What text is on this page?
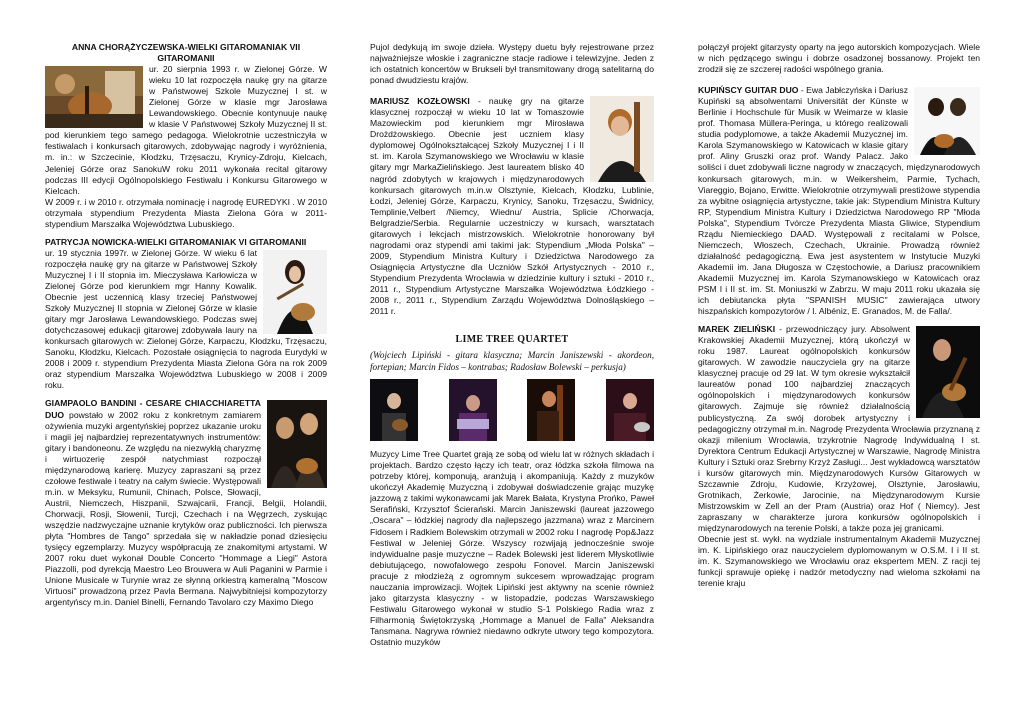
ANNA CHORĄŻYCZEWSKA-WIELKI GITAROMANIAK VII GITAROMANII

ur. 20 sierpnia 1993 r. w Zielonej Górze. W wieku 10 lat rozpoczęła naukę gry na gitarze w Państwowej Szkole Muzycznej I st. w Zielonej Górze w klasie mgr Jarosława Lewandowskiego. Obecnie kontynuuje naukę w klasie V Państwowej Szkoły Muzycznej II st. pod kierunkiem tego samego pedagoga. Wielokrotnie uczestniczyła w festiwalach i konkursach gitarowych, zdobywając nagrody i wyróżnienia, m. in.: w Szczecinie, Kłodzku, Trzęsaczu, Krynicy-Zdroju, Kielcach, Jeleniej Górze oraz SanokuW roku 2011 wykonała recital gitarowy podczas III edycji Ogólnopolskiego Festiwalu i Konkursu Gitarowego w Kielcach.

W 2009 r. i w 2010 r. otrzymała nominację i nagrodę EUREDYKI . W 2010 otrzymała stypendium Prezydenta Miasta Zielona Góra w 2011-stypendium Marszałka Województwa Lubuskiego.

PATRYCJA NOWICKA-WIELKI GITAROMANIAK VI GITAROMANII

ur. 19 stycznia 1997r. w Zielonej Górze. W wieku 6 lat rozpoczęła naukę gry na gitarze w Państwowej Szkoły Muzycznej I i II stopnia im. Mieczysława Karłowicza w Zielonej Górze pod kierunkiem mgr Hanny Kowalik. Obecnie jest uczennicą klasy trzeciej Państwowej Szkoły Muzycznej II stopnia w Zielonej Górze w klasie gitary mgr Jarosława Lewandowskiego. Podczas swej dotychczasowej edukacji gitarowej zdobywała laury na konkursach gitarowych w: Zielonej Górze, Karpaczu, Kłodzku, Trzęsaczu, Sanoku, Kłodzku, Kielcach. Pozostałe osiągnięcia to nagroda Eurydyki w 2008 i 2009 r. stypendium Prezydenta Miasta Zielona Góra na rok 2009 oraz stypendium Marszałka Województwa Lubuskiego w 2008 i 2009 roku.

GIAMPAOLO BANDINI - CESARE CHIACCHIARETTA DUO powstało w 2002 roku z konkretnym zamiarem ożywienia muzyki argentyńskiej poprzez ukazanie uroku i magii jej najbardziej reprezentatywnych instrumentów: gitary i bandoneonu. Ze względu na niezwykłą charyzmę i wirtuozerię zespół natychmiast rozpoczął międzynarodową karierę. Muzycy zapraszani są przez czołowe festiwale i teatry na całym świecie. Występowali m.in. w Meksyku, Rumunii, Chinach, Polsce, Słowacji, Austrii, Niemczech, Hiszpanii, Szwajcarii, Francji, Belgii, Holandii, Chorwacji, Rosji, Słowenii, Turcji, Czechach i na Węgrzech, zyskując wszędzie nadzwyczajne uznanie krytyków oraz publiczności. Ich pierwsza płyta "Hombres de Tango" sprzedała się w nakładzie ponad dziesięciu tysięcy egzemplarzy. Muzycy współpracują ze znakomitymi artystami. W 2007 roku duet wykonał Double Concerto "Hommage a Liegi" Astora Piazzolli, pod dyrekcją Maestro Leo Brouwera w Auli Paganini w Parmie i Unione Musicale w Turynie wraz ze słynną orkiestrą kameralną "Moscow Virtuosi" prowadzoną przez Pavla Bermana. Najwybitniejsi kompozytorzy argentyńscy m.in. Daniel Binelli, Fernando Tavolaro czy Maximo Diego

Pujol dedykują im swoje dzieła. Występy duetu były rejestrowane przez najważniejsze włoskie i zagraniczne stacje radiowe i telewizyjne. Jeden z ich ostatnich koncertów w Brukseli był transmitowany drogą satelitarną do ponad dwudziestu krajów.

MARIUSZ KOZŁOWSKI - naukę gry na gitarze klasycznej rozpoczął w wieku 10 lat w Tomaszowie Mazowieckim pod kierunkiem mgr Mirosława Drożdżowskiego. Obecnie jest uczniem klasy dyplomowej Ogólnokształcącej Szkoły Muzycznej I i II st. im. Karola Szymanowskiego we Wrocławiu w klasie gitary mgr MarkaZielińskiego. Jest laureatem blisko 40 nagród zdobytych w krajowych i międzynarodowych konkursach gitarowych m.in.w Olsztynie, Kielcach, Kłodzku, Lublinie, Łodzi, Jeleniej Górze, Karpaczu, Krynicy, Sanoku, Trzęsaczu, Świdnicy, Templinie,Velbert /Niemcy, Wiednu/ Austria, Splicie /Chorwacja, Belgradzie/Serbia. Regularnie uczestniczy w kursach, warsztatach gitarowych i lekcjach mistrzowskich. Wielokrotnie honorowany był nagrodami oraz stypendi ami takimi jak: Stypendium „Młoda Polska" – 2009, Stypendium Ministra Kultury i Dziedzictwa Narodowego za Osiągnięcia Artystyczne dla Uczniów Szkół Artystycznych - 2010 r., Stypendium Prezydenta Wrocławia w dziedzinie kultury i sztuki - 2010 r., 2011 r., Stypendium Artystyczne Marszałka Województwa Łódzkiego - 2008 r., 2011 r., Stypendium Zarządu Województwa Dolnośląskiego – 2011 r.
LIME TREE QUARTET
(Wojciech Lipiński - gitara klasyczna; Marcin Janiszewski - akordeon, fortepian; Marcin Fidos – kontrabas; Radosław Bolewski – perkusja)

Muzycy Lime Tree Quartet grają ze sobą od wielu lat w różnych składach i projektach. Bardzo często łączy ich teatr, oraz łódzka szkoła filmowa na potrzeby której, komponują, aranżują i akompaniują. Każdy z muzyków ukończył Akademię Muzyczną i zdobywał doświadczenie grając muzykę jazzową z takimi wykonawcami jak Marek Bałata, Krystyna Prońko, Paweł Serafiński, Krzysztof Ścierański. Marcin Janiszewski (laureat jazzowego „Oscara" – łódzkiej nagrody dla najlepszego jazzmana) wraz z Marcinem Fidosem i Radkiem Bolewskim otrzymali w 2002 roku I nagrodę Pop&Jazz Festiwal w Jeleniej Górze. Wszyscy rozwijają jednocześnie swoje indywidualne pasje muzyczne – Radek Bolewski jest liderem Młyskotliwie debiutującego, nowofalowego zespołu Fonovel. Marcin Janiszewski pracuje z młodzieżą z ogromnym sukcesem wprowadzając program nauczania improwizacji. Wojtek Lipiński jest aktywny na scenie również jako gitarzysta klasyczny - w listopadzie, podczas Warszawskiego Festiwalu Gitarowego wykonał w studio S-1 Polskiego Radia wraz z Filharmonią Świętokrzyską „Hommage a Manuel de Falla" Aleksandra Tansmana. Nagrywa również niedawno odkryte utwory tego kompozytora. Ostatnio muzyków

połączył projekt gitarzysty oparty na jego autorskich kompozycjach. Wiele w nich pędzącego swingu i dobrze osadzonej bossanowy. Projekt ten zrodził się ze szczerej radości wspólnego grania.

KUPIŃSCY GUITAR DUO - Ewa Jabłczyńska i Dariusz Kupiński są absolwentami Universität der Künste w Berlinie i Hochschule für Musik w Weimarze w klasie prof. Thomasa Müllera-Peringa, u którego realizowali studia podyplomowe, a także Akademii Muzycznej im. Karola Szymanowskiego w Katowicach w klasie gitary prof. Aliny Gruszki oraz prof. Wandy Palacz. Jako soliści i duet zdobywali liczne nagrody w znaczących, międzynarodowych konkursach gitarowych, m.in. w Weikersheim, Parmie, Tychach, Viareggio, Bojano, Erwitte. Wielokrotnie otrzymywali prestiżowe stypendia za wybitne osiągnięcia artystyczne, takie jak: Stypendium Ministra Kultury RP, Stypendium Ministra Kultury i Dziedzictwa Narodowego RP "Młoda Polska", Stypendium Tvórcze Prezydenta Miasta Gliwice, Stypendium Rządu Niemieckiego DAAD. Występowali z recitalami w Polsce, Niemczech, Włoszech, Czechach, Ukrainie. Prowadzą również działalność pedagogiczną. Ewa jest asystentem w Instytucie Muzyki Akademii im. Jana Długosza w Częstochowie, a Dariusz pracownikiem Akademii Muzycznej im. Karola Szymanowskiego w Katowicach oraz PSM I i II st. im. St. Moniuszki w Zabrzu. W maju 2011 roku ukazała się ich debiutancka płyta "SPANISH MUSIC" zawierająca utwory hiszpańskich kompozytorów / I. Albéniz, E. Granados, M. de Falla/.
MAREK ZIELIŃSKI - przewodniczący jury. Absolwent Krakowskiej Akademii Muzycznej, którą ukończył w roku 1987. Laureat ogólnopolskich konkursów gitarowych. W zawodzie nauczyciela gry na gitarze klasycznej pracuje od 29 lat. W tym okresie wykształcił laureatów ponad 100 najbardziej znaczących ogólnopolskich i międzynarodowych konkursów gitarowych. Zajmuje się również działalnością publicystyczną. Za swój dorobek artystyczny i pedagogiczny otrzymał m.in. Nagrodę Prezydenta Wrocławia przyznaną z okazji milenium Wrocławia, trzykrotnie Nagrodę Indywidualną I st. Dyrektora Centrum Edukacji Artystycznej w Warszawie, Nagrodę Ministra Kultury i Sztuki oraz Srebrny Krzyż Zasługi... Jest wykładowcą warsztatów i kursów gitarowych min. Międzynarodowych Kursów Gitarowych w Szczawnie Zdroju, Kudowie, Krzyżowej, Olsztynie, Jarosławiu, Grotnikach, Żerkowie, Jarocinie, na Międzynarodowym Kursie Mistrzowskim w Zell an der Pram (Austria) oraz Hof ( Niemcy). Jest zapraszany w charakterze jurora konkursów ogólnopolskich i międzynarodowych na terenie Polski, a także poza jej granicami.

Obecnie jest st. wykł. na wydziale instrumentalnym Akademii Muzycznej im. K. Lipińskiego oraz nauczycielem dyplomowanym w O.S.M. I i II st. im. K. Szymanowskiego we Wrocławiu oraz ekspertem MEN. Z racji tej funkcji sprawuje opiekę i nadzór metodyczny nad wieloma szkołami na terenie kraju
